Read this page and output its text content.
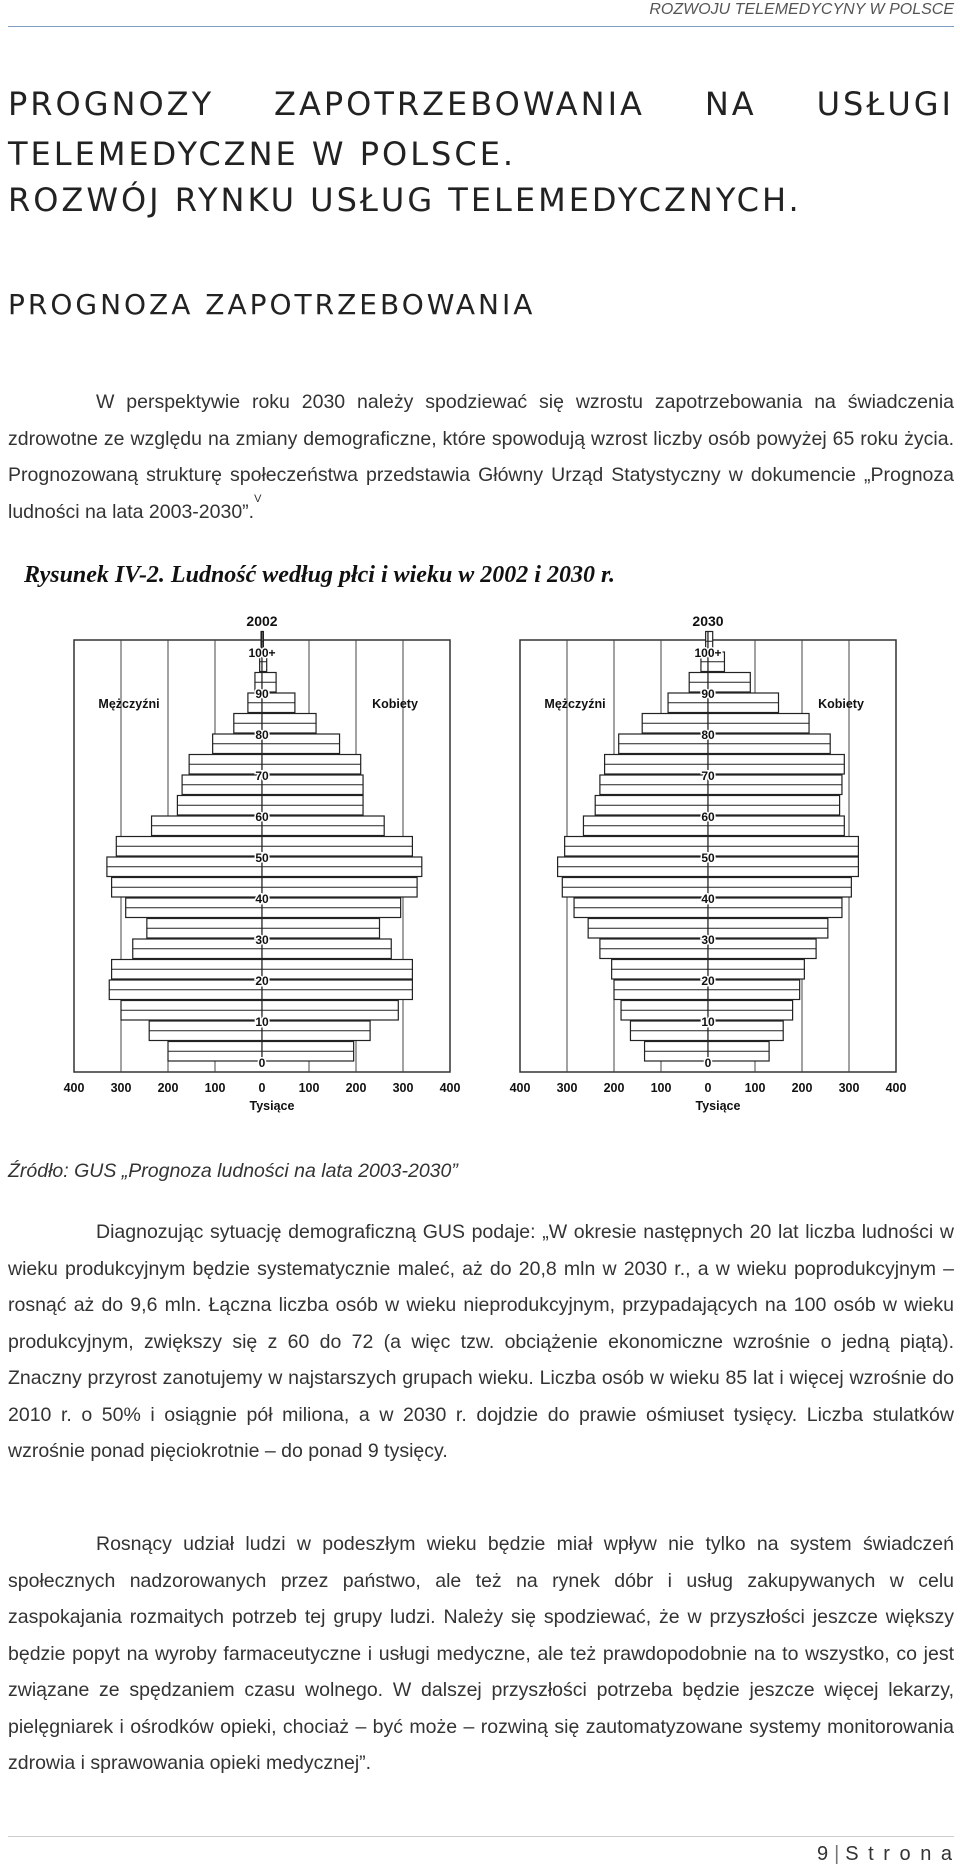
ROZWOJU TELEMEDYCYNY W POLSCE
PROGNOZY ZAPOTRZEBOWANIA NA USŁUGI
TELEMEDYCZNE W POLSCE.
ROZWÓJ RYNKU USŁUG TELEMEDYCZNYCH.
PROGNOZA ZAPOTRZEBOWANIA
W perspektywie roku 2030 należy spodziewać się wzrostu zapotrzebowania na świadczenia zdrowotne ze względu na zmiany demograficzne, które spowodują wzrost liczby osób powyżej 65 roku życia. Prognozowaną strukturę społeczeństwa przedstawia Główny Urząd Statystyczny w dokumencie „Prognoza ludności na lata 2003-2030”.$^V$
Rysunek IV-2. Ludność według płci i wieku w 2002 i 2030 r.
0
10
20
30
40
50
60
70
80
90
100+
400 300 200 100	0	100 200 300 400
2002
Tysiące
Mężczyźni	Kobiety
0
10
20
30
40
50
60
70
80
90
100+
400 300 200 100	0	100 200 300 400
2030
Tysiące
Mężczyźni	Kobiety
Źródło: GUS „Prognoza ludności na lata 2003-2030”
Diagnozując sytuację demograficzną GUS podaje: „W okresie następnych 20 lat liczba ludności w wieku produkcyjnym będzie systematycznie maleć, aż do 20,8 mln w 2030 r., a w wieku poprodukcyjnym – rosnąć aż do 9,6 mln. Łączna liczba osób w wieku nieprodukcyjnym, przypadających na 100 osób w wieku produkcyjnym, zwiększy się z 60 do 72 (a więc tzw. obciążenie ekonomiczne wzrośnie o jedną piątą). Znaczny przyrost zanotujemy w najstarszych grupach wieku. Liczba osób w wieku 85 lat i więcej wzrośnie do 2010 r. o 50% i osiągnie pół miliona, a w 2030 r. dojdzie do prawie ośmiuset tysięcy. Liczba stulatków wzrośnie ponad pięciokrotnie – do ponad 9 tysięcy.
Rosnący udział ludzi w podeszłym wieku będzie miał wpływ nie tylko na system świadczeń społecznych nadzorowanych przez państwo, ale też na rynek dóbr i usług zakupywanych w celu zaspokajania rozmaitych potrzeb tej grupy ludzi. Należy się spodziewać, że w przyszłości jeszcze większy będzie popyt na wyroby farmaceutyczne i usługi medyczne, ale też prawdopodobnie na to wszystko, co jest związane ze spędzaniem czasu wolnego. W dalszej przyszłości potrzeba będzie jeszcze więcej lekarzy, pielęgniarek i ośrodków opieki, chociaż – być może – rozwiną się zautomatyzowane systemy monitorowania zdrowia i sprawowania opieki medycznej”.
9 | S t r o n a
